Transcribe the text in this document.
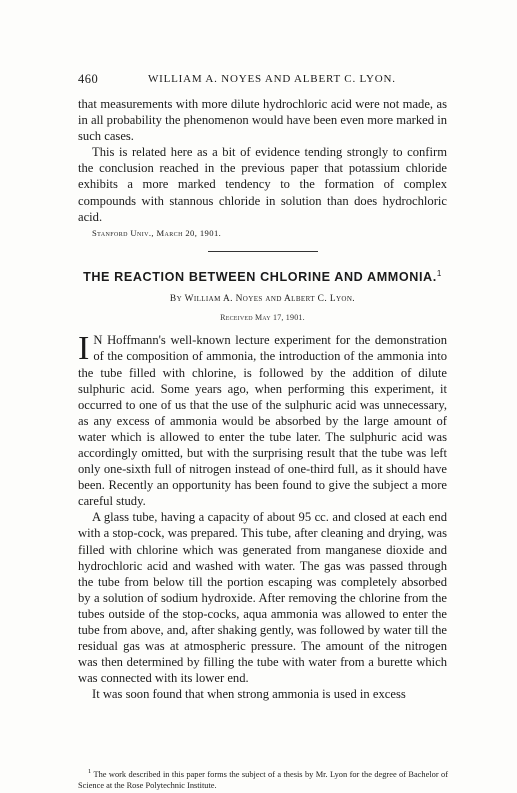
460	WILLIAM A. NOYES AND ALBERT C. LYON.

that measurements with more dilute hydrochloric acid were not made, as in all probability the phenomenon would have been even more marked in such cases.

This is related here as a bit of evidence tending strongly to confirm the conclusion reached in the previous paper that potassium chloride exhibits a more marked tendency to the formation of complex compounds with stannous chloride in solution than does hydrochloric acid.

Stanford Univ., March 20, 1901.

THE REACTION BETWEEN CHLORINE AND AMMONIA.$^1$
By William A. Noyes and Albert C. Lyon.
Received May 17, 1901.

I N Hoffmann's well-known lecture experiment for the demonstration of the composition of ammonia, the introduction of the ammonia into the tube filled with chlorine, is followed by the addition of dilute sulphuric acid. Some years ago, when performing this experiment, it occurred to one of us that the use of the sulphuric acid was unnecessary, as any excess of ammonia would be absorbed by the large amount of water which is allowed to enter the tube later. The sulphuric acid was accordingly omitted, but with the surprising result that the tube was left only one-sixth full of nitrogen instead of one-third full, as it should have been. Recently an opportunity has been found to give the subject a more careful study.

A glass tube, having a capacity of about 95 cc. and closed at each end with a stop-cock, was prepared. This tube, after cleaning and drying, was filled with chlorine which was generated from manganese dioxide and hydrochloric acid and washed with water. The gas was passed through the tube from below till the portion escaping was completely absorbed by a solution of sodium hydroxide. After removing the chlorine from the tubes outside of the stop-cocks, aqua ammonia was allowed to enter the tube from above, and, after shaking gently, was followed by water till the residual gas was at atmospheric pressure. The amount of the nitrogen was then determined by filling the tube with water from a burette which was connected with its lower end.

It was soon found that when strong ammonia is used in excess

$^1$ The work described in this paper forms the subject of a thesis by Mr. Lyon for the degree of Bachelor of Science at the Rose Polytechnic Institute.
